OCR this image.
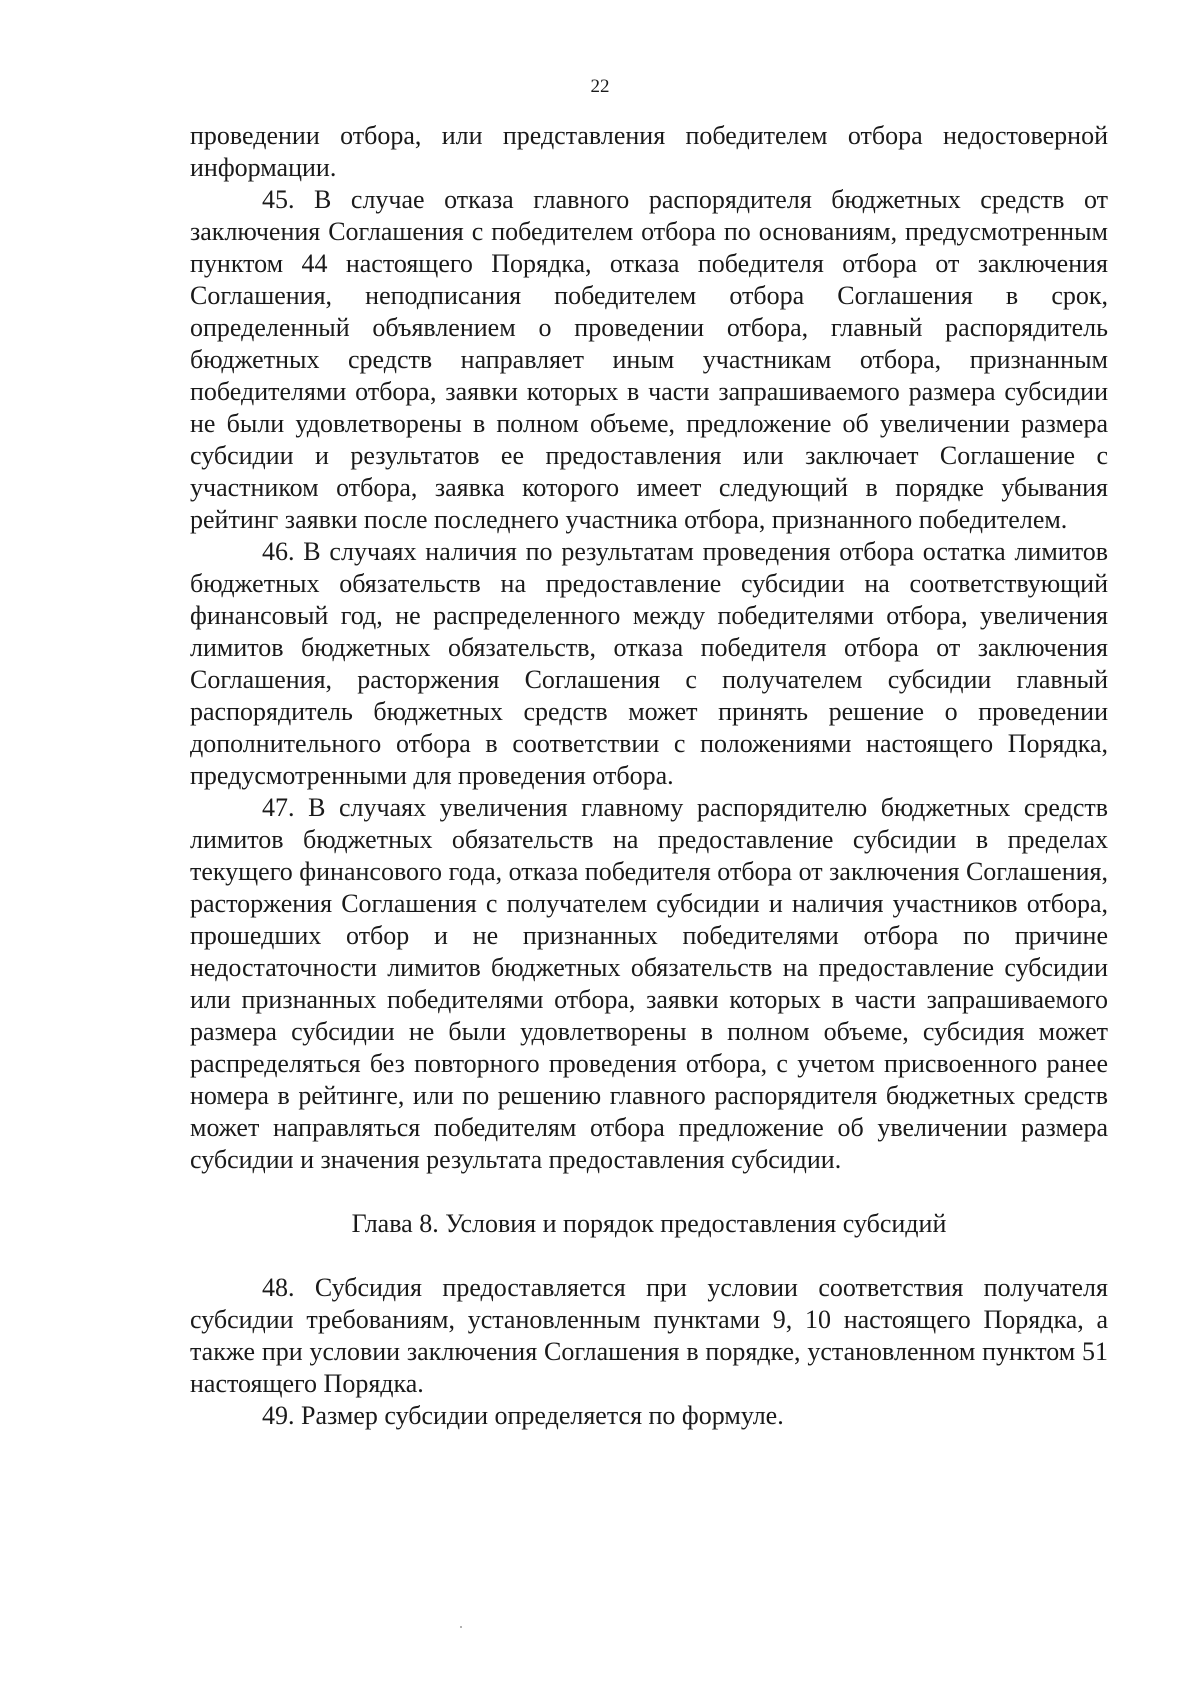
22

проведении отбора, или представления победителем отбора недостоверной информации.

45. В случае отказа главного распорядителя бюджетных средств от заключения Соглашения с победителем отбора по основаниям, предусмотренным пунктом 44 настоящего Порядка, отказа победителя отбора от заключения Соглашения, неподписания победителем отбора Соглашения в срок, определенный объявлением о проведении отбора, главный распорядитель бюджетных средств направляет иным участникам отбора, признанным победителями отбора, заявки которых в части запрашиваемого размера субсидии не были удовлетворены в полном объеме, предложение об увеличении размера субсидии и результатов ее предоставления или заключает Соглашение с участником отбора, заявка которого имеет следующий в порядке убывания рейтинг заявки после последнего участника отбора, признанного победителем.

46. В случаях наличия по результатам проведения отбора остатка лимитов бюджетных обязательств на предоставление субсидии на соответствующий финансовый год, не распределенного между победителями отбора, увеличения лимитов бюджетных обязательств, отказа победителя отбора от заключения Соглашения, расторжения Соглашения с получателем субсидии главный распорядитель бюджетных средств может принять решение о проведении дополнительного отбора в соответствии с положениями настоящего Порядка, предусмотренными для проведения отбора.

47. В случаях увеличения главному распорядителю бюджетных средств лимитов бюджетных обязательств на предоставление субсидии в пределах текущего финансового года, отказа победителя отбора от заключения Соглашения, расторжения Соглашения с получателем субсидии и наличия участников отбора, прошедших отбор и не признанных победителями отбора по причине недостаточности лимитов бюджетных обязательств на предоставление субсидии или признанных победителями отбора, заявки которых в части запрашиваемого размера субсидии не были удовлетворены в полном объеме, субсидия может распределяться без повторного проведения отбора, с учетом присвоенного ранее номера в рейтинге, или по решению главного распорядителя бюджетных средств может направляться победителям отбора предложение об увеличении размера субсидии и значения результата предоставления субсидии.

Глава 8. Условия и порядок предоставления субсидий

48. Субсидия предоставляется при условии соответствия получателя субсидии требованиям, установленным пунктами 9, 10 настоящего Порядка, а также при условии заключения Соглашения в порядке, установленном пунктом 51 настоящего Порядка.

49. Размер субсидии определяется по формуле.
